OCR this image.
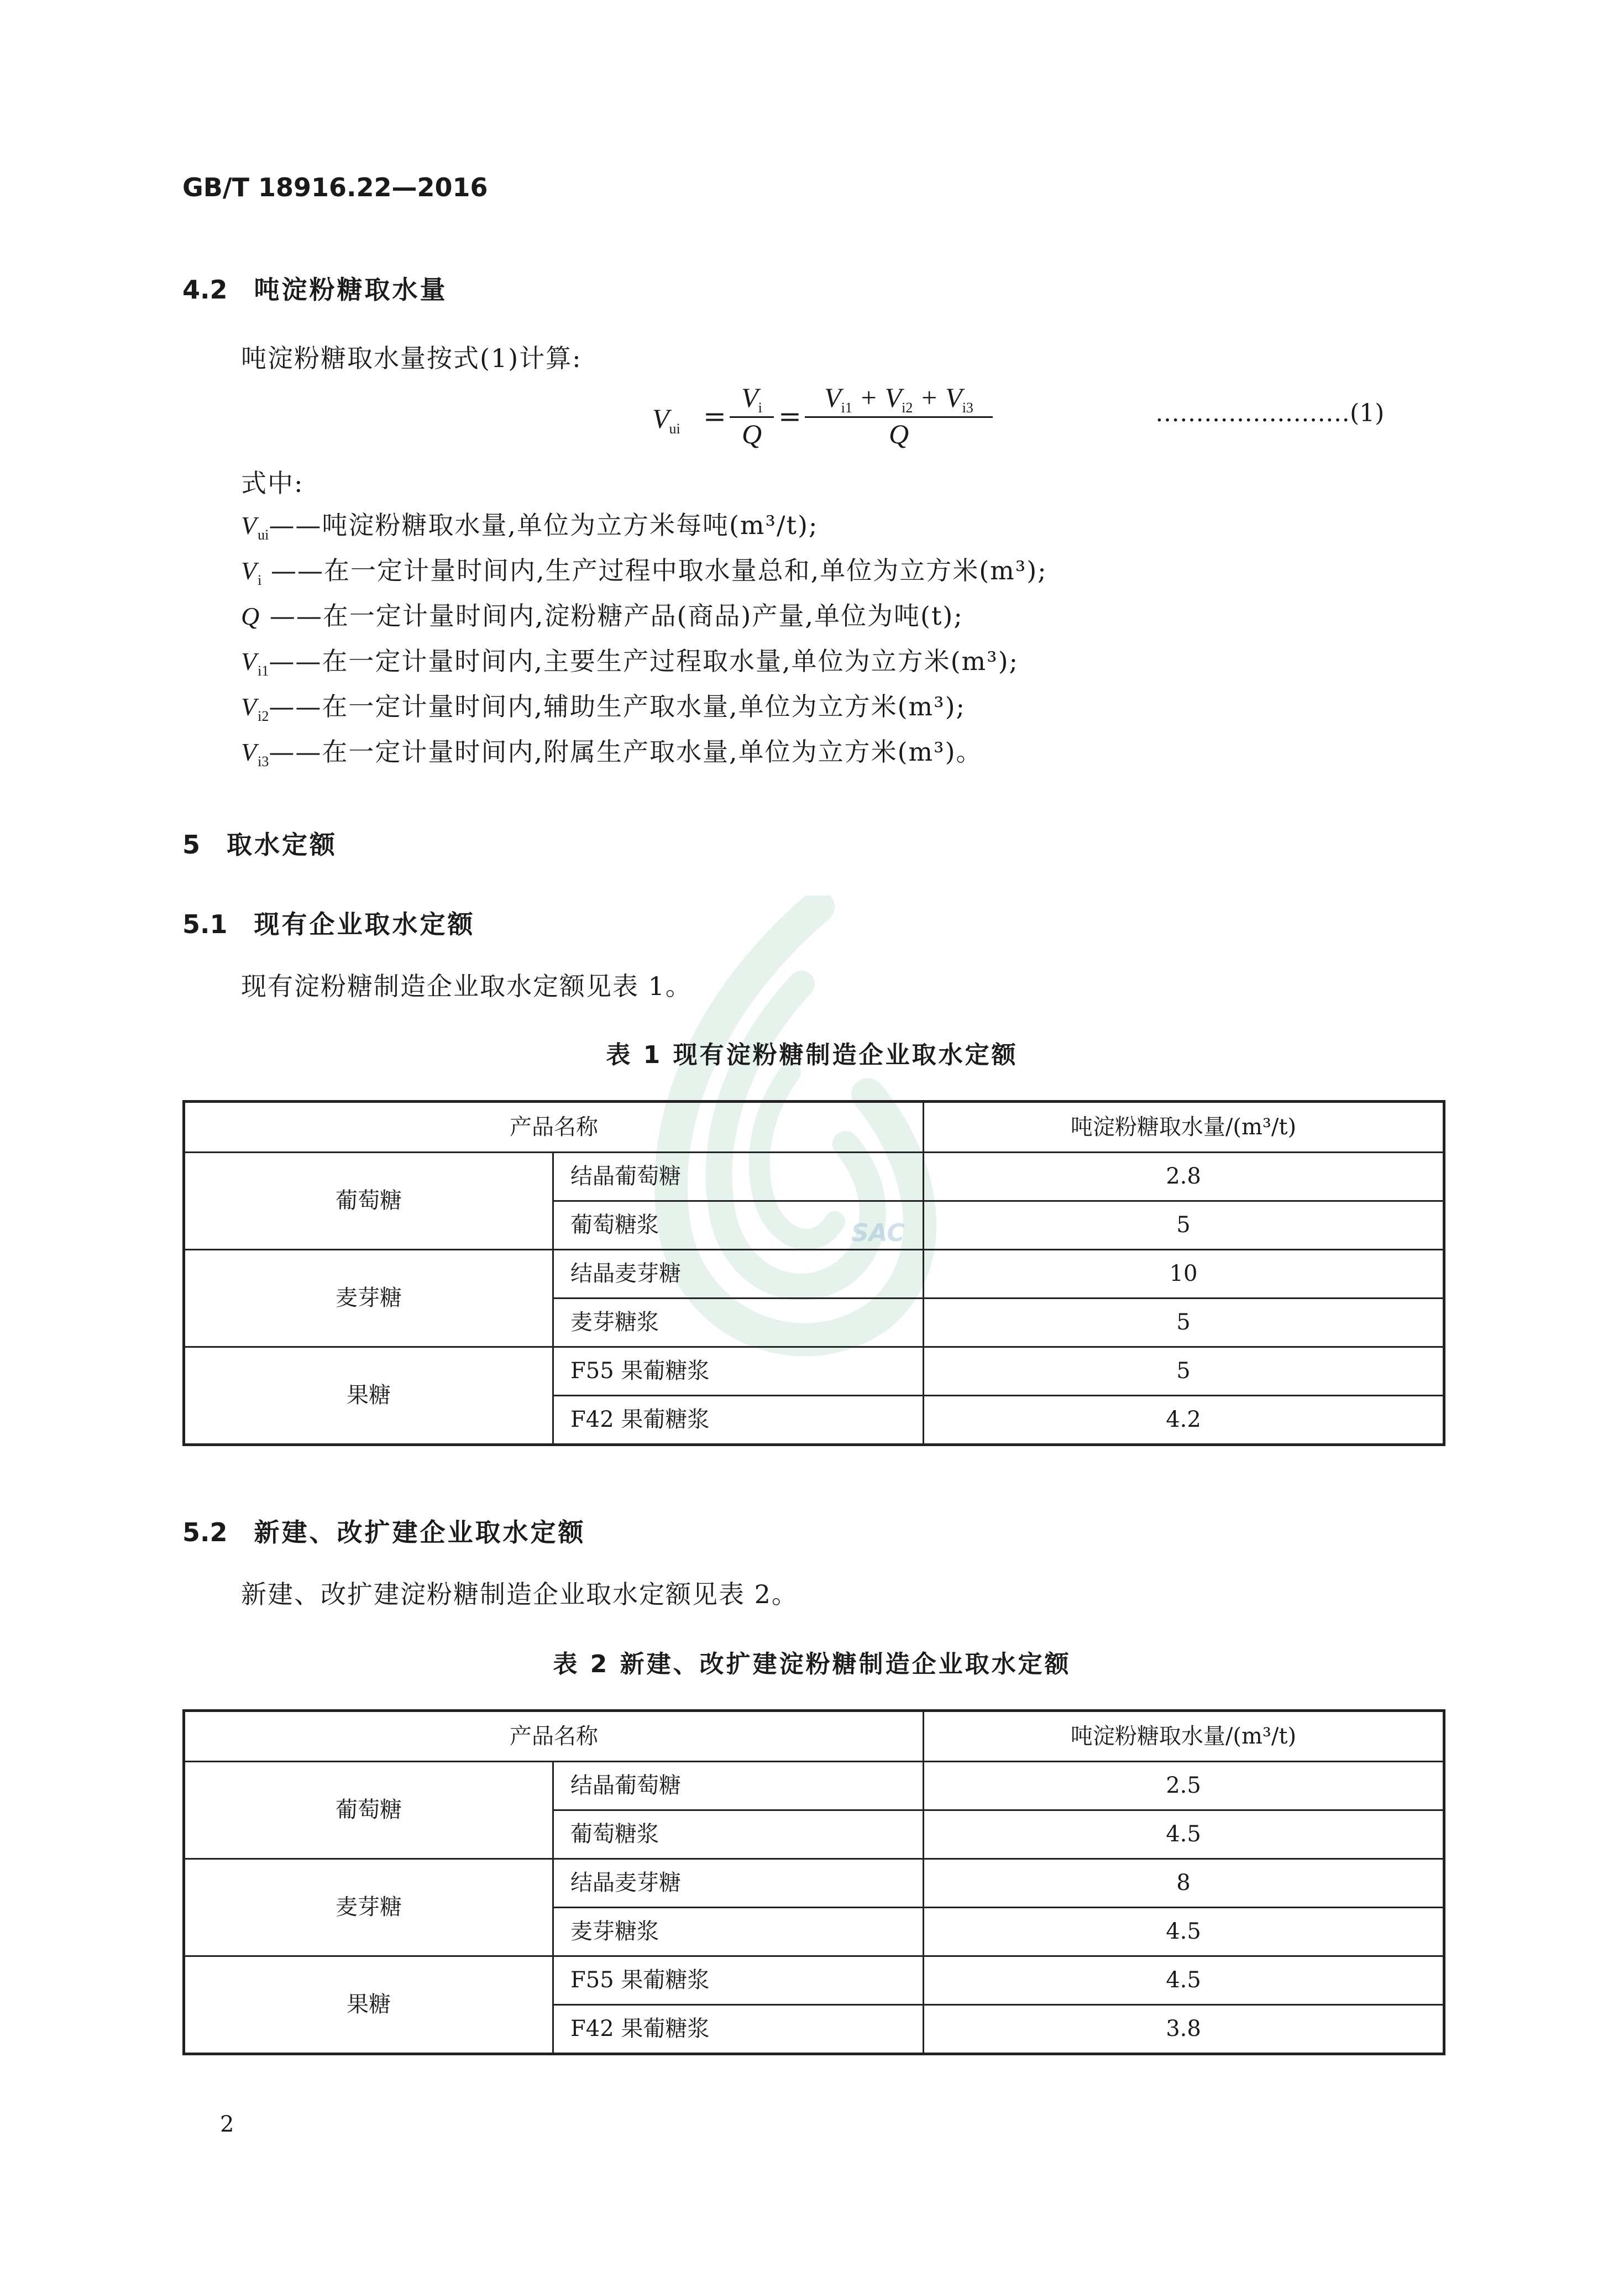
GB/T 18916.22—2016
SAC
4.2 吨淀粉糖取水量
吨淀粉糖取水量按式(1)计算:
$V_{ui}$ =
$V_i$
Q
=
$V_{i1} + V_{i2} + V_{i3}$
Q
……………………(1)
式中:
$V_{ui}——$吨淀粉糖取水量,单位为立方米每吨(m³/t);
$V_i$ ——在一定计量时间内,生产过程中取水量总和,单位为立方米(m³);
Q ——在一定计量时间内,淀粉糖产品(商品)产量,单位为吨(t);
$V_{i1}——$在一定计量时间内,主要生产过程取水量,单位为立方米(m³);
$V_{i2}——$在一定计量时间内,辅助生产取水量,单位为立方米(m³);
$V_{i3}——$在一定计量时间内,附属生产取水量,单位为立方米(m³)。
5 取水定额
5.1 现有企业取水定额
现有淀粉糖制造企业取水定额见表 1。
表 1 现有淀粉糖制造企业取水定额
产品名称		吨淀粉糖取水量/(m³/t)
葡萄糖	结晶葡萄糖	2.8
	葡萄糖浆	5
麦芽糖	结晶麦芽糖	10
	麦芽糖浆	5
果糖	F55 果葡糖浆	5
	F42 果葡糖浆	4.2
5.2 新建、改扩建企业取水定额
新建、改扩建淀粉糖制造企业取水定额见表 2。
表 2 新建、改扩建淀粉糖制造企业取水定额
产品名称		吨淀粉糖取水量/(m³/t)
葡萄糖	结晶葡萄糖	2.5
	葡萄糖浆	4.5
麦芽糖	结晶麦芽糖	8
	麦芽糖浆	4.5
果糖	F55 果葡糖浆	4.5
	F42 果葡糖浆	3.8
2
